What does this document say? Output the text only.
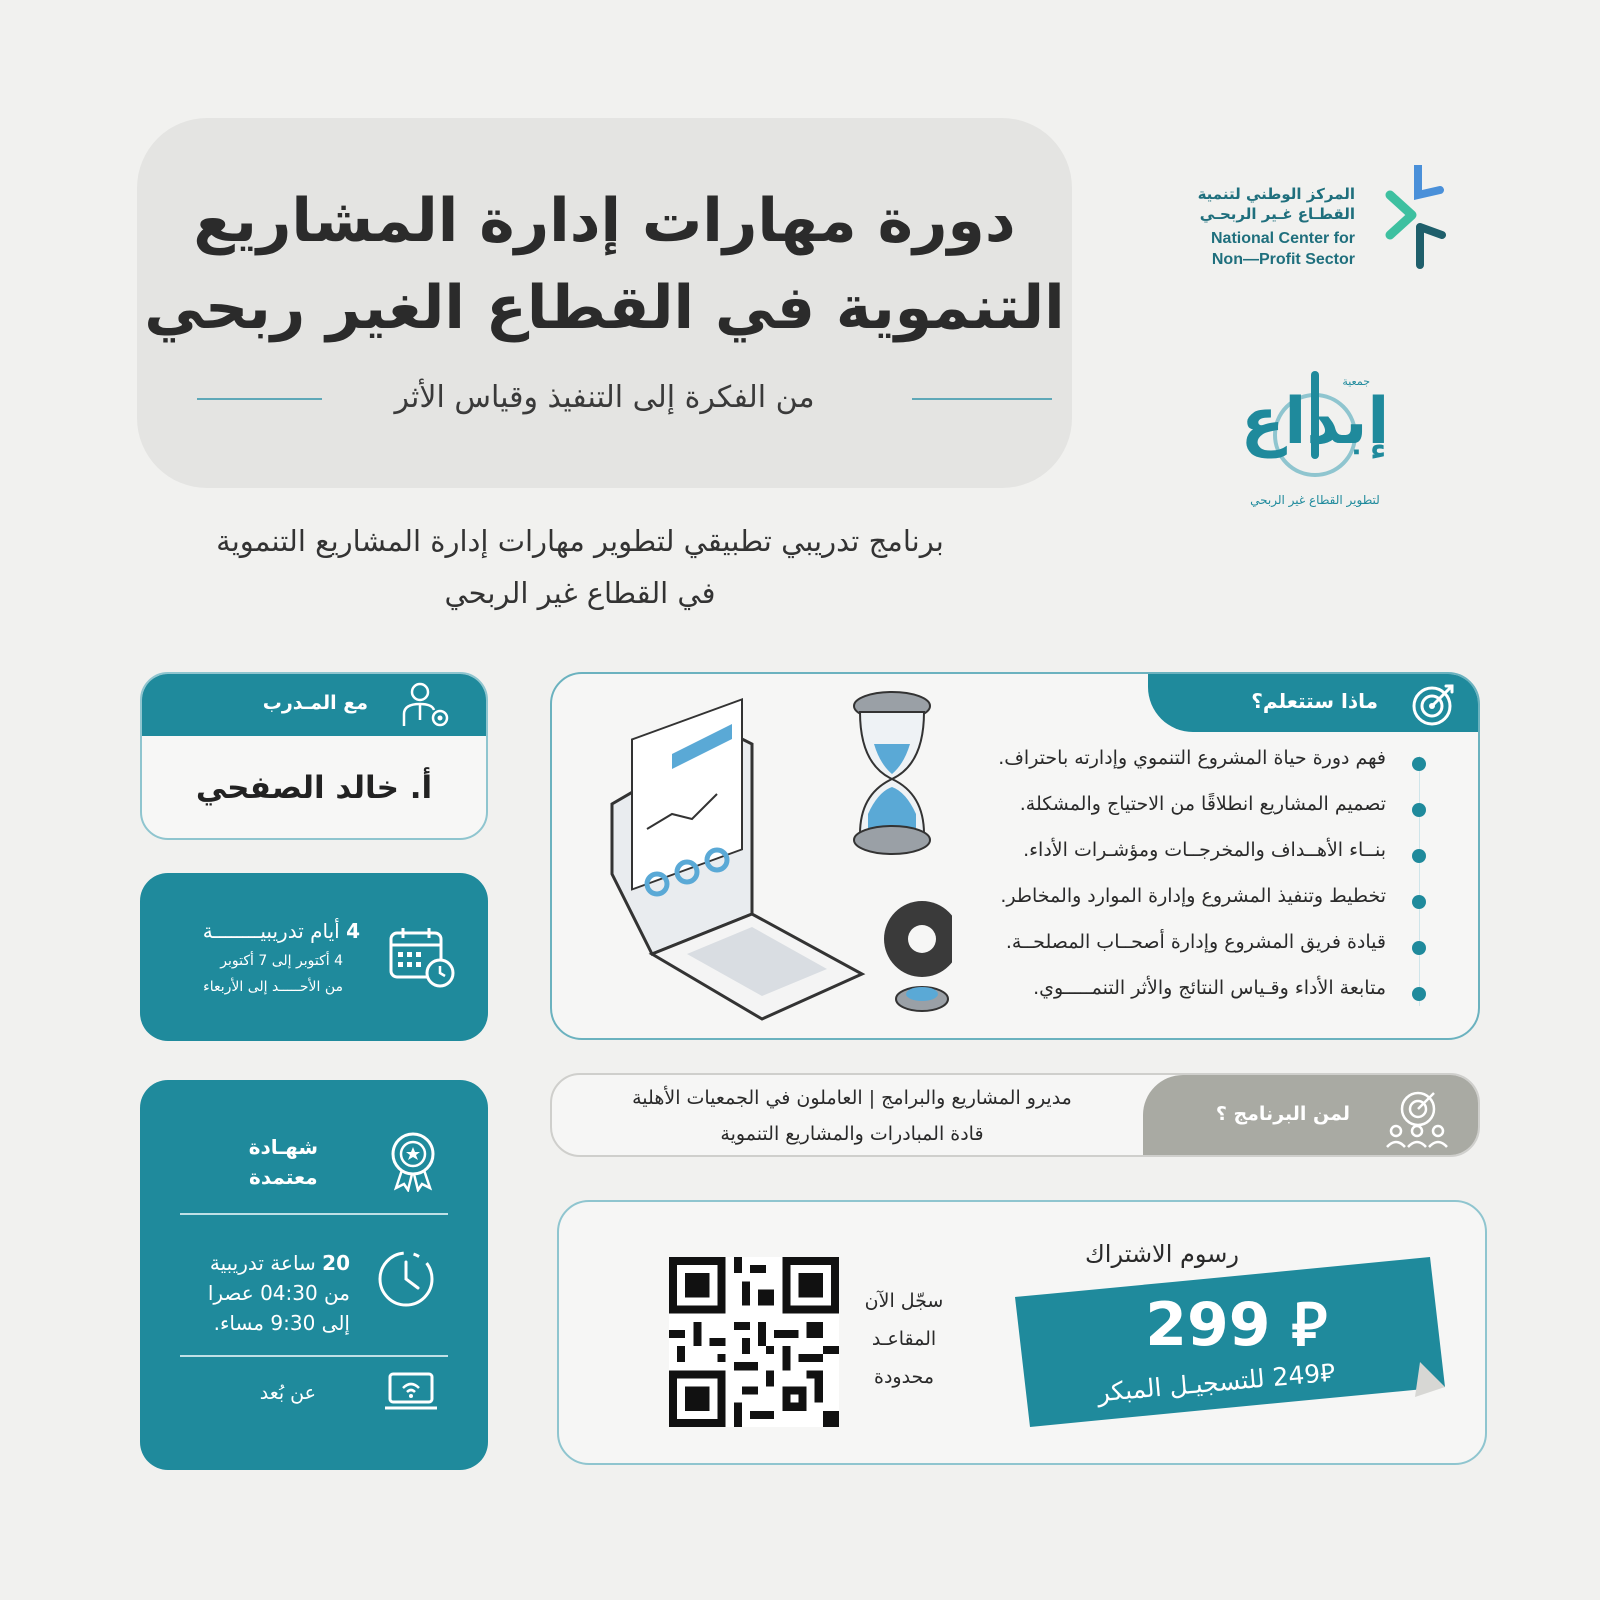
دورة مهارات إدارة المشاريع
التنموية في القطاع الغير ربحي
من الفكرة إلى التنفيذ وقياس الأثر
المركز الوطني لتنمية
القطـاع غـير الربحـي
National Center for
Non—Profit Sector
جمعية
إبداع
لتطوير القطاع غير الربحي
برنامج تدريبي تطبيقي لتطوير مهارات إدارة المشاريع التنموية
في القطاع غير الربحي
مع المـدرب
أ. خالد الصفحي
4 أيام تدريبيــــــــة
4 أكتوبر إلى 7 أكتوبر
من الأحـــــد إلى الأربعاء
شهـادة
معتمدة
20 ساعة تدريبية
من 04:30 عصرا
إلى 9:30 مساء.
عن بُعد
ماذا ستتعلم؟
فهم دورة حياة المشروع التنموي وإدارته باحتراف.
تصميم المشاريع انطلاقًا من الاحتياج والمشكلة.
بنــاء الأهــداف والمخرجــات ومؤشـرات الأداء.
تخطيط وتنفيذ المشروع وإدارة الموارد والمخاطر.
قيادة فريق المشروع وإدارة أصحــاب المصلحــة.
متابعة الأداء وقـياس النتائج والأثر التنمـــــوي.
لمن البرنامج ؟
مديرو المشاريع والبرامج | العاملون في الجمعيات الأهلية
قادة المبادرات والمشاريع التنموية
رسوم الاشتراك
299 ⃁
249⃁ للتسجيـل المبكر
سجّل الآن
المقاعـد
محدودة
